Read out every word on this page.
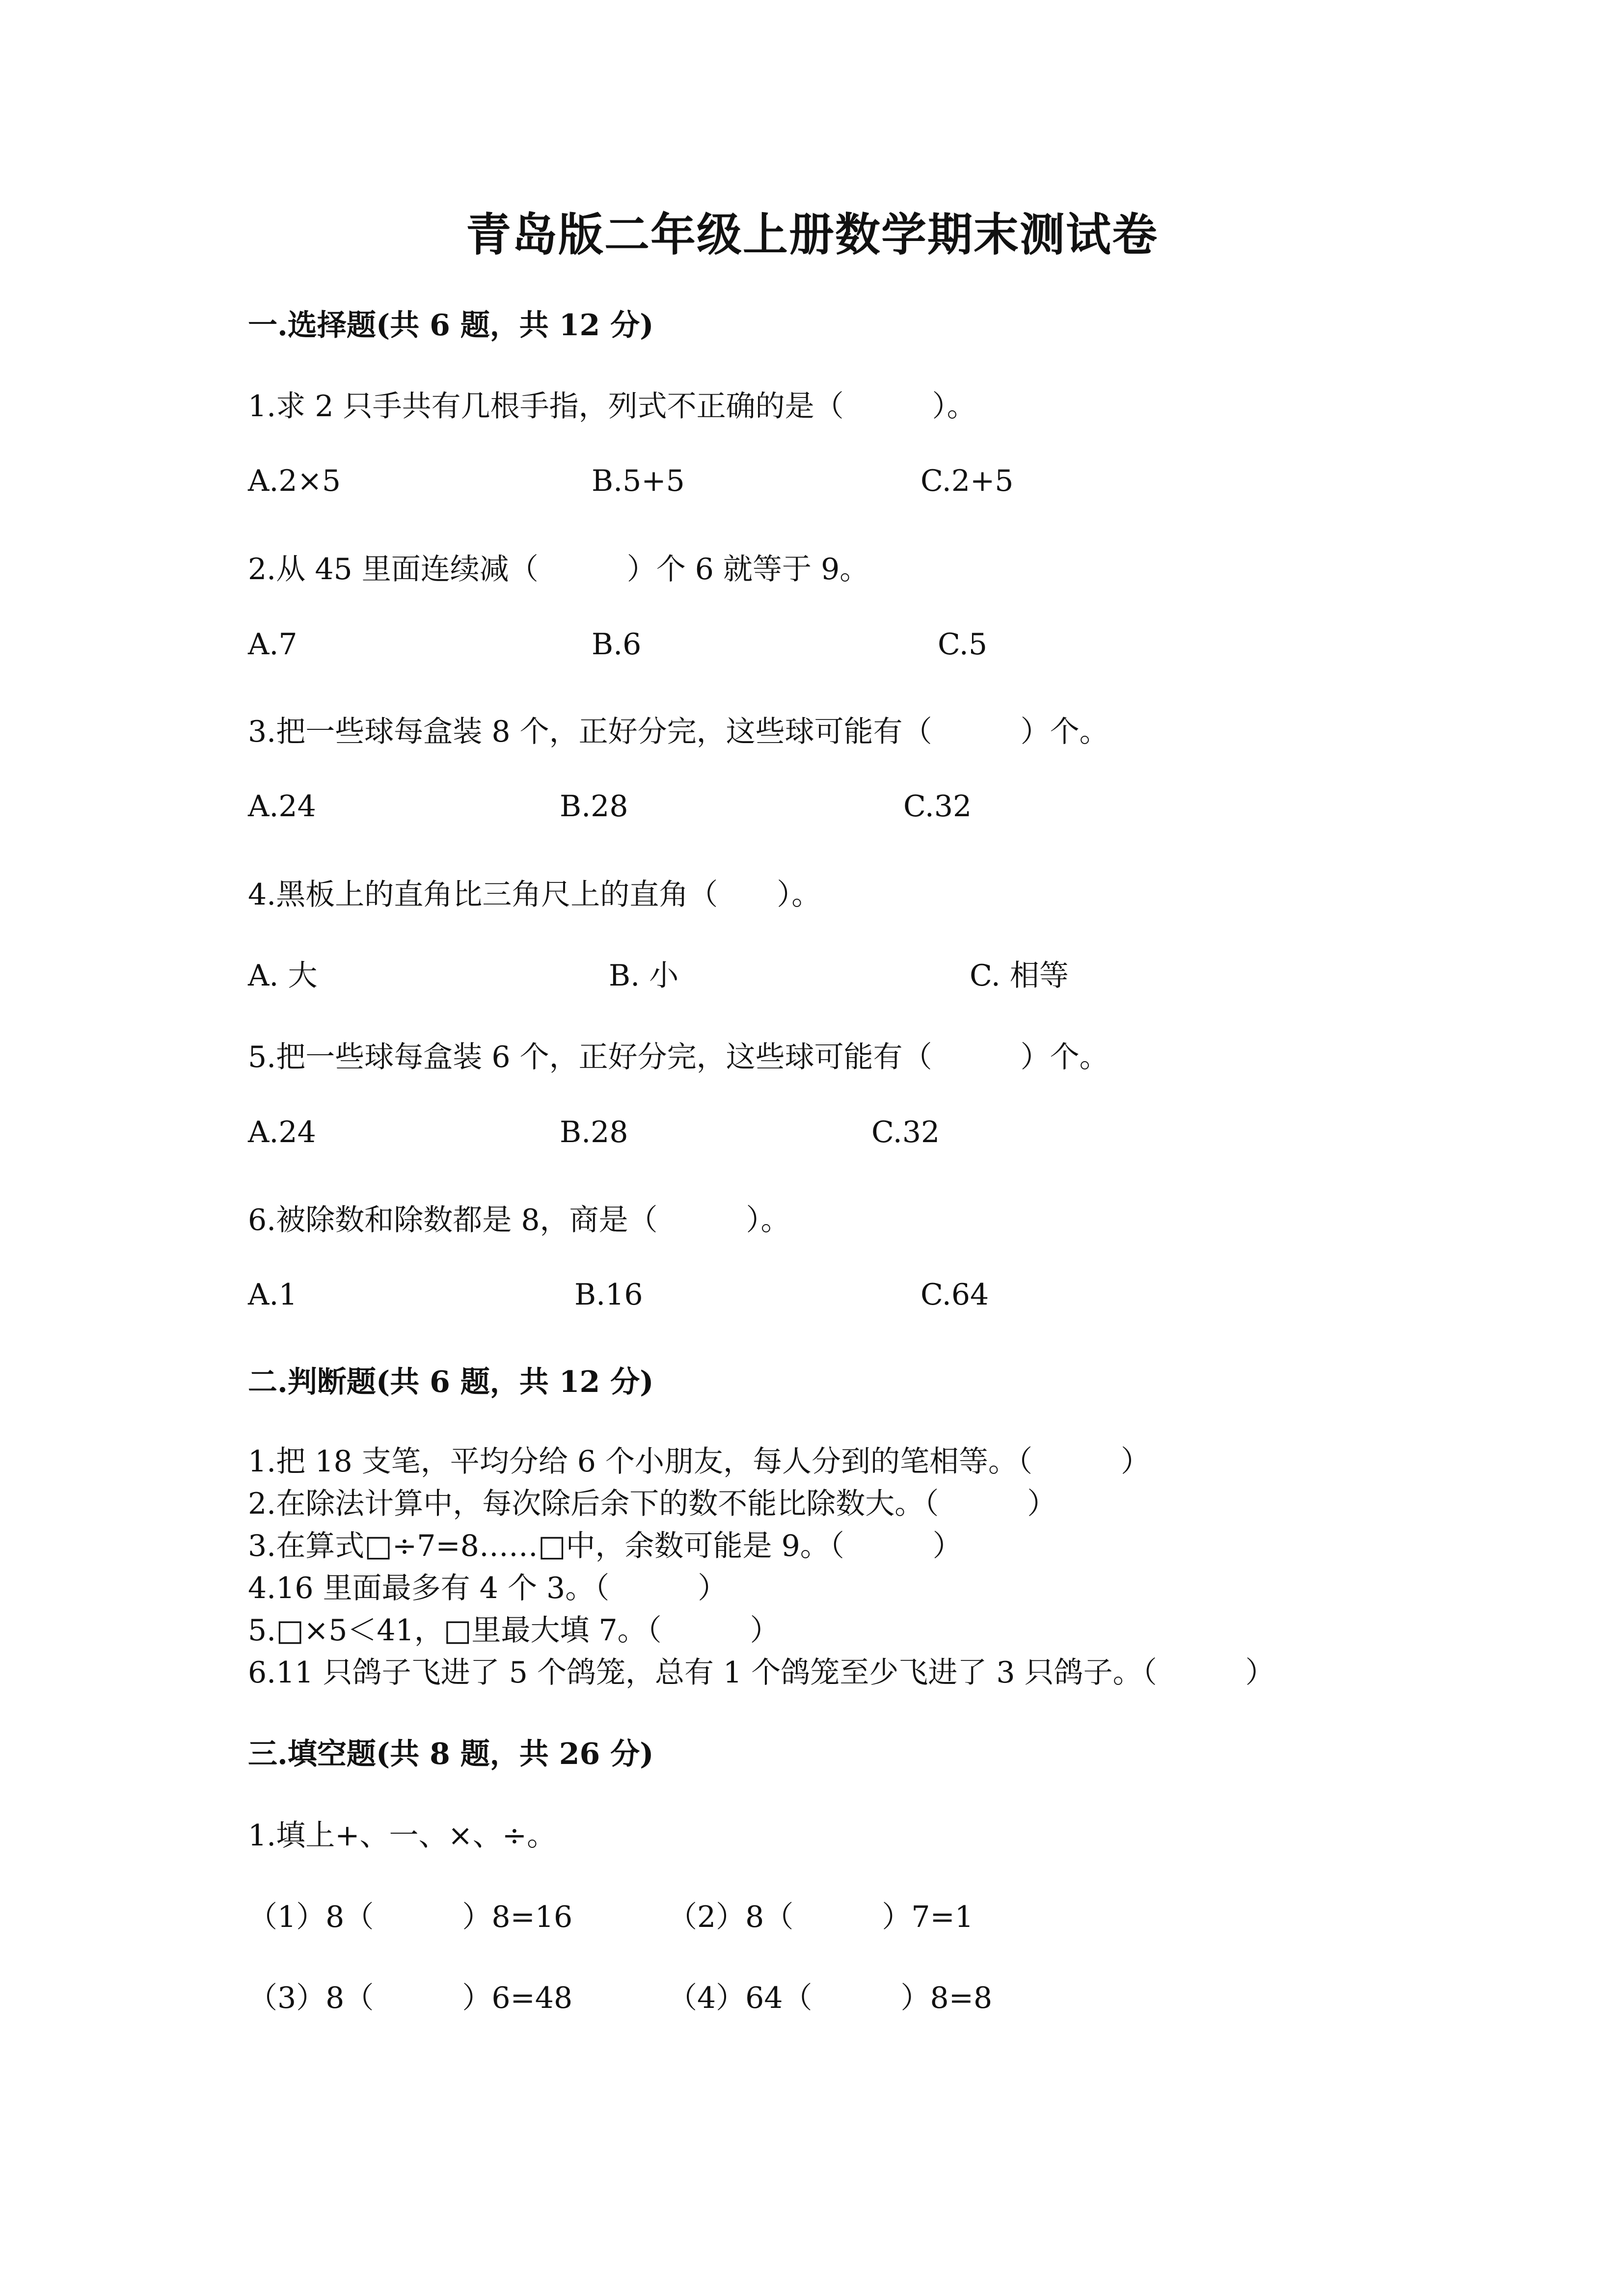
青岛版二年级上册数学期末测试卷
一.选择题(共 6 题，共 12 分)
1.求 2 只手共有几根手指，列式不正确的是（　　　）。
A.2×5	B.5+5	C.2+5
2.从 45 里面连续减（　　　）个 6 就等于 9。
A.7	B.6	C.5
3.把一些球每盒装 8 个，正好分完，这些球可能有（　　　）个。
A.24	B.28	C.32
4.黑板上的直角比三角尺上的直角（　　）。
A. 大	B. 小	C. 相等
5.把一些球每盒装 6 个，正好分完，这些球可能有（　　　）个。
A.24	B.28	C.32
6.被除数和除数都是 8，商是（　　　）。
A.1	B.16	C.64
二.判断题(共 6 题，共 12 分)
1.把 18 支笔，平均分给 6 个小朋友，每人分到的笔相等。（　　　）
2.在除法计算中，每次除后余下的数不能比除数大。（　　　）
3.在算式□÷7=8……□中，余数可能是 9。（　　　）
4.16 里面最多有 4 个 3。（　　　）
5.□×5＜41，□里最大填 7。（　　　）
6.11 只鸽子飞进了 5 个鸽笼，总有 1 个鸽笼至少飞进了 3 只鸽子。（　　　）
三.填空题(共 8 题，共 26 分)
1.填上+、一、×、÷。
（1）8（　　　）8=16	（2）8（　　　）7=1
（3）8（　　　）6=48	（4）64（　　　）8=8
